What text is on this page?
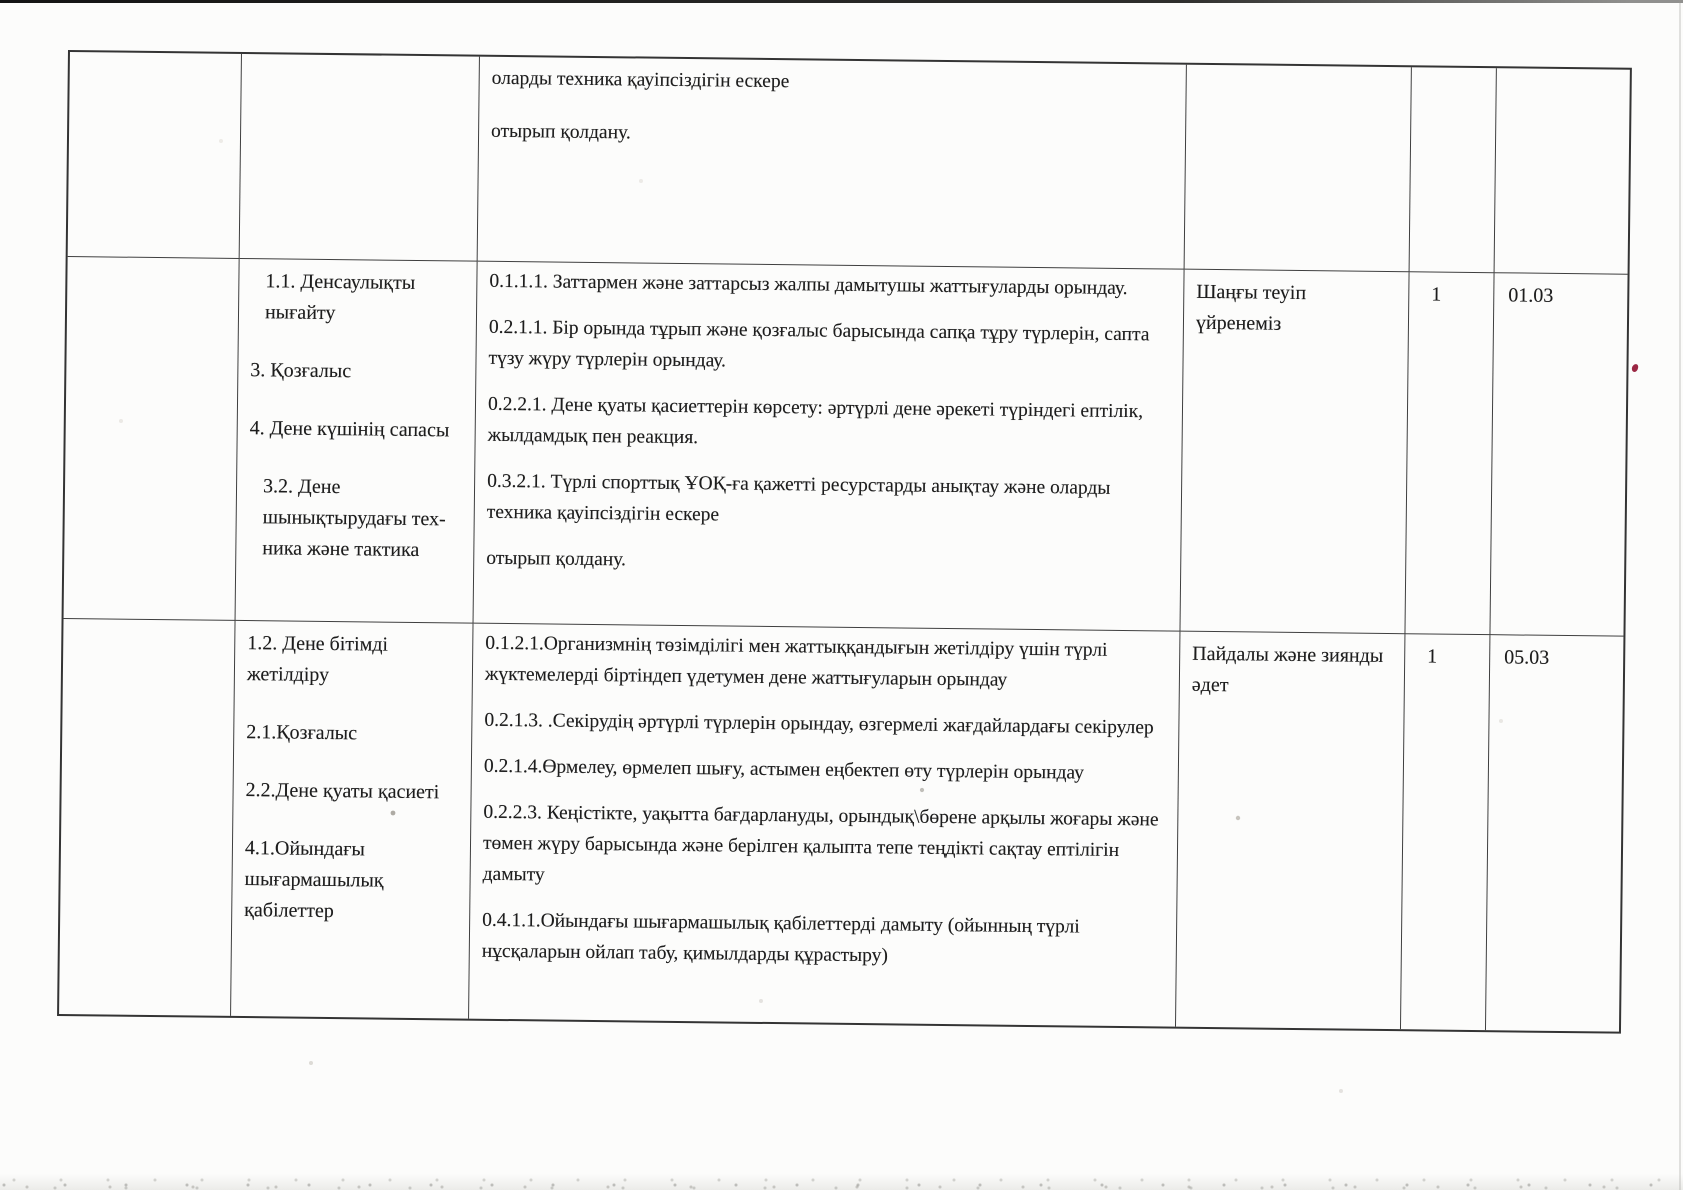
оларды техника қауіпсіздігін ескере

отырып қолдану.

1.1. Денсаулықты нығайту

3. Қозғалыс

4. Дене күшінің сапасы

3.2. Дене шынықтырудағы тех-ника және тактика

0.1.1.1. Заттармен және заттарсыз жалпы дамытушы жаттығуларды орындау.

0.2.1.1. Бір орында тұрып және қозғалыс барысында сапқа тұру түрлерін, сапта түзу жүру түрлерін орындау.

0.2.2.1. Дене қуаты қасиеттерін көрсету: әртүрлі дене әрекеті түріндегі ептілік, жылдамдық пен реакция.

0.3.2.1. Түрлі спорттық ҰОҚ-ға қажетті ресурстарды анықтау және оларды техника қауіпсіздігін ескере

отырып қолдану.

Шаңғы теуіп үйренеміз

1	01.03

1.2. Дене бітімді жетілдіру

2.1.Қозғалыс

2.2.Дене қуаты қасиеті

4.1.Ойындағы шығармашылық қабілеттер

0.1.2.1.Организмнің төзімділігі мен жаттыққандығын жетілдіру үшін түрлі жүктемелерді біртіндеп үдетумен дене жаттығуларын орындау

0.2.1.3. .Секірудің әртүрлі түрлерін орындау, өзгермелі жағдайлардағы секірулер

0.2.1.4.Өрмелеу, өрмелеп шығу, астымен еңбектеп өту түрлерін орындау

0.2.2.3. Кеңістікте, уақытта бағдарлануды, орындық\бөрене арқылы жоғары және төмен жүру барысында және берілген қалыпта тепе теңдікті сақтау ептілігін дамыту

0.4.1.1.Ойындағы шығармашылық қабілеттерді дамыту (ойынның түрлі нұсқаларын ойлап табу, қимылдарды құрастыру)

Пайдалы және зиянды әдет

1	05.03
